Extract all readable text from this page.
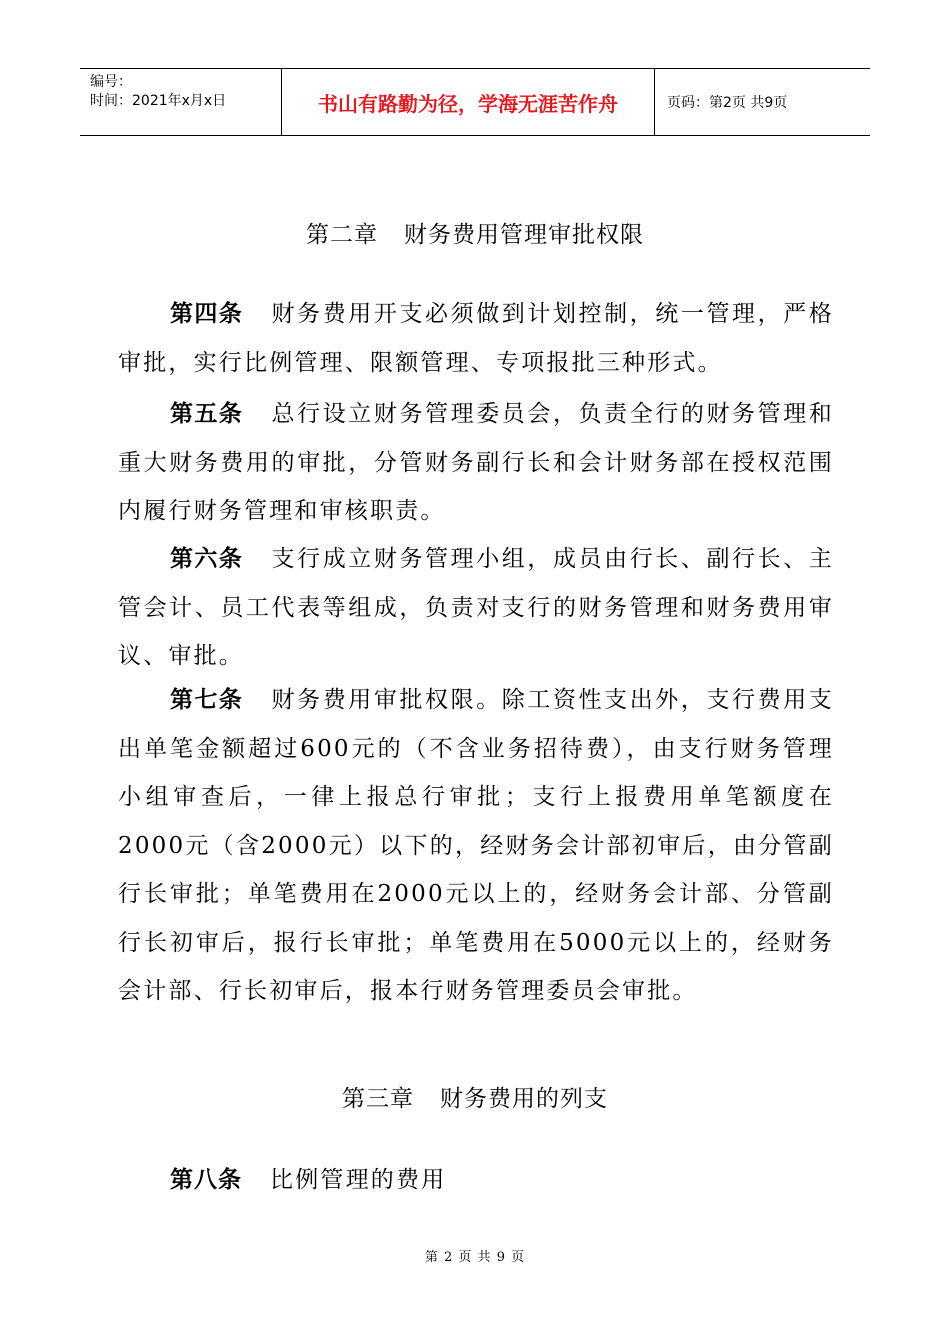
编号：
时间：2021年x月x日	书山有路勤为径，学海无涯苦作舟	页码：第2页 共9页
第二章 财务费用管理审批权限

第四条 财务费用开支必须做到计划控制，统一管理，严格审批，实行比例管理、限额管理、专项报批三种形式。

第五条 总行设立财务管理委员会，负责全行的财务管理和重大财务费用的审批，分管财务副行长和会计财务部在授权范围内履行财务管理和审核职责。

第六条 支行成立财务管理小组，成员由行长、副行长、主管会计、员工代表等组成，负责对支行的财务管理和财务费用审议、审批。

第七条 财务费用审批权限。除工资性支出外，支行费用支出单笔金额超过600元的（不含业务招待费），由支行财务管理小组审查后，一律上报总行审批；支行上报费用单笔额度在2000元（含2000元）以下的，经财务会计部初审后，由分管副行长审批；单笔费用在2000元以上的，经财务会计部、分管副行长初审后，报行长审批；单笔费用在5000元以上的，经财务会计部、行长初审后，报本行财务管理委员会审批。

第三章 财务费用的列支

第八条 比例管理的费用

第 2 页 共 9 页
